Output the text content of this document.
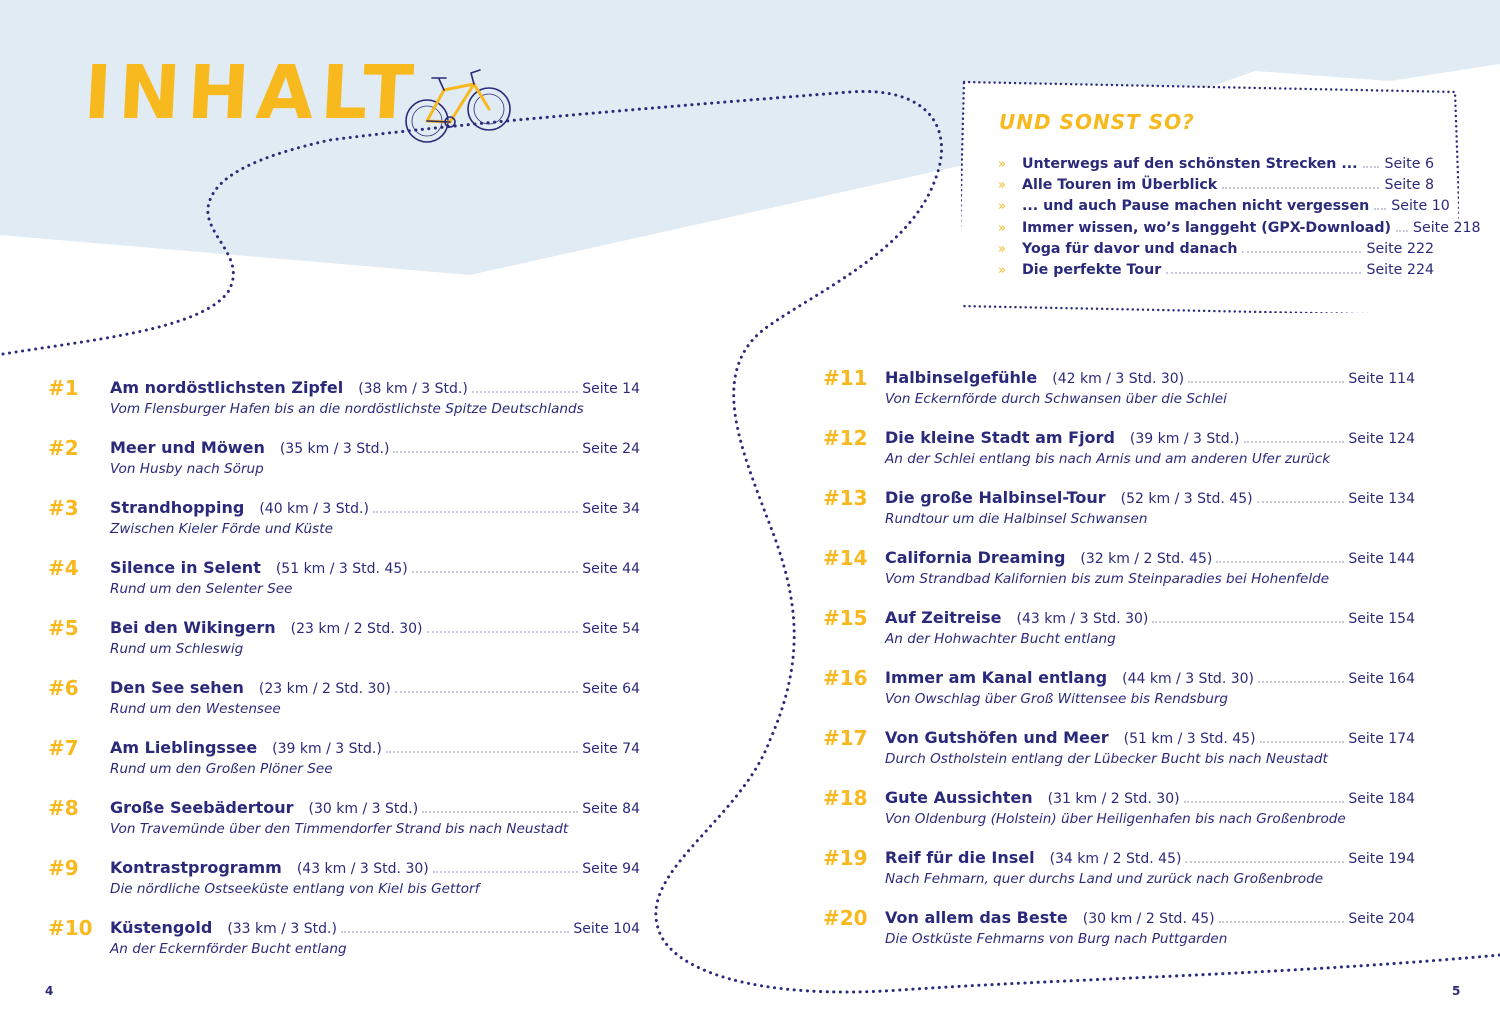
INHALT	UND SONST SO?
»	Unterwegs auf den schönsten Strecken ... Seite 6
»	Alle Touren im Überblick	Seite 8
»	... und auch Pause machen nicht vergessen Seite 10
»	Immer wissen, wo’s langgeht (GPX-Download) Seite 218
»	Yoga für davor und danach	Seite 222
»	Die perfekte Tour	Seite 224
#1 Am nordöstlichsten Zipfel (38 km / 3 Std.)	Seite 14
Vom Flensburger Hafen bis an die nordöstlichste Spitze Deutschlands
#2 Meer und Möwen (35 km / 3 Std.)	Seite 24
Von Husby nach Sörup
#3 Strandhopping (40 km / 3 Std.)	Seite 34
Zwischen Kieler Förde und Küste
#4 Silence in Selent (51 km / 3 Std. 45)	Seite 44
Rund um den Selenter See
#5 Bei den Wikingern (23 km / 2 Std. 30)	Seite 54
Rund um Schleswig
#6 Den See sehen (23 km / 2 Std. 30)	Seite 64
Rund um den Westensee
#7 Am Lieblingssee (39 km / 3 Std.)	Seite 74
Rund um den Großen Plöner See
#8 Große Seebädertour (30 km / 3 Std.)	Seite 84
Von Travemünde über den Timmendorfer Strand bis nach Neustadt
#9 Kontrastprogramm (43 km / 3 Std. 30)	Seite 94
Die nördliche Ostseeküste entlang von Kiel bis Gettorf
#10 Küstengold (33 km / 3 Std.)	Seite 104
An der Eckernförder Bucht entlang
#11 Halbinselgefühle (42 km / 3 Std. 30)	Seite 114
Von Eckernförde durch Schwansen über die Schlei
#12 Die kleine Stadt am Fjord (39 km / 3 Std.)	Seite 124
An der Schlei entlang bis nach Arnis und am anderen Ufer zurück
#13 Die große Halbinsel-Tour (52 km / 3 Std. 45)	Seite 134
Rundtour um die Halbinsel Schwansen
#14 California Dreaming (32 km / 2 Std. 45)	Seite 144
Vom Strandbad Kalifornien bis zum Steinparadies bei Hohenfelde
#15 Auf Zeitreise (43 km / 3 Std. 30)	Seite 154
An der Hohwachter Bucht entlang
#16 Immer am Kanal entlang (44 km / 3 Std. 30)	Seite 164
Von Owschlag über Groß Wittensee bis Rendsburg
#17 Von Gutshöfen und Meer (51 km / 3 Std. 45)	Seite 174
Durch Ostholstein entlang der Lübecker Bucht bis nach Neustadt
#18 Gute Aussichten (31 km / 2 Std. 30)	Seite 184
Von Oldenburg (Holstein) über Heiligenhafen bis nach Großenbrode
#19 Reif für die Insel (34 km / 2 Std. 45)	Seite 194
Nach Fehmarn, quer durchs Land und zurück nach Großenbrode
#20 Von allem das Beste (30 km / 2 Std. 45)	Seite 204
Die Ostküste Fehmarns von Burg nach Puttgarden
4	5
